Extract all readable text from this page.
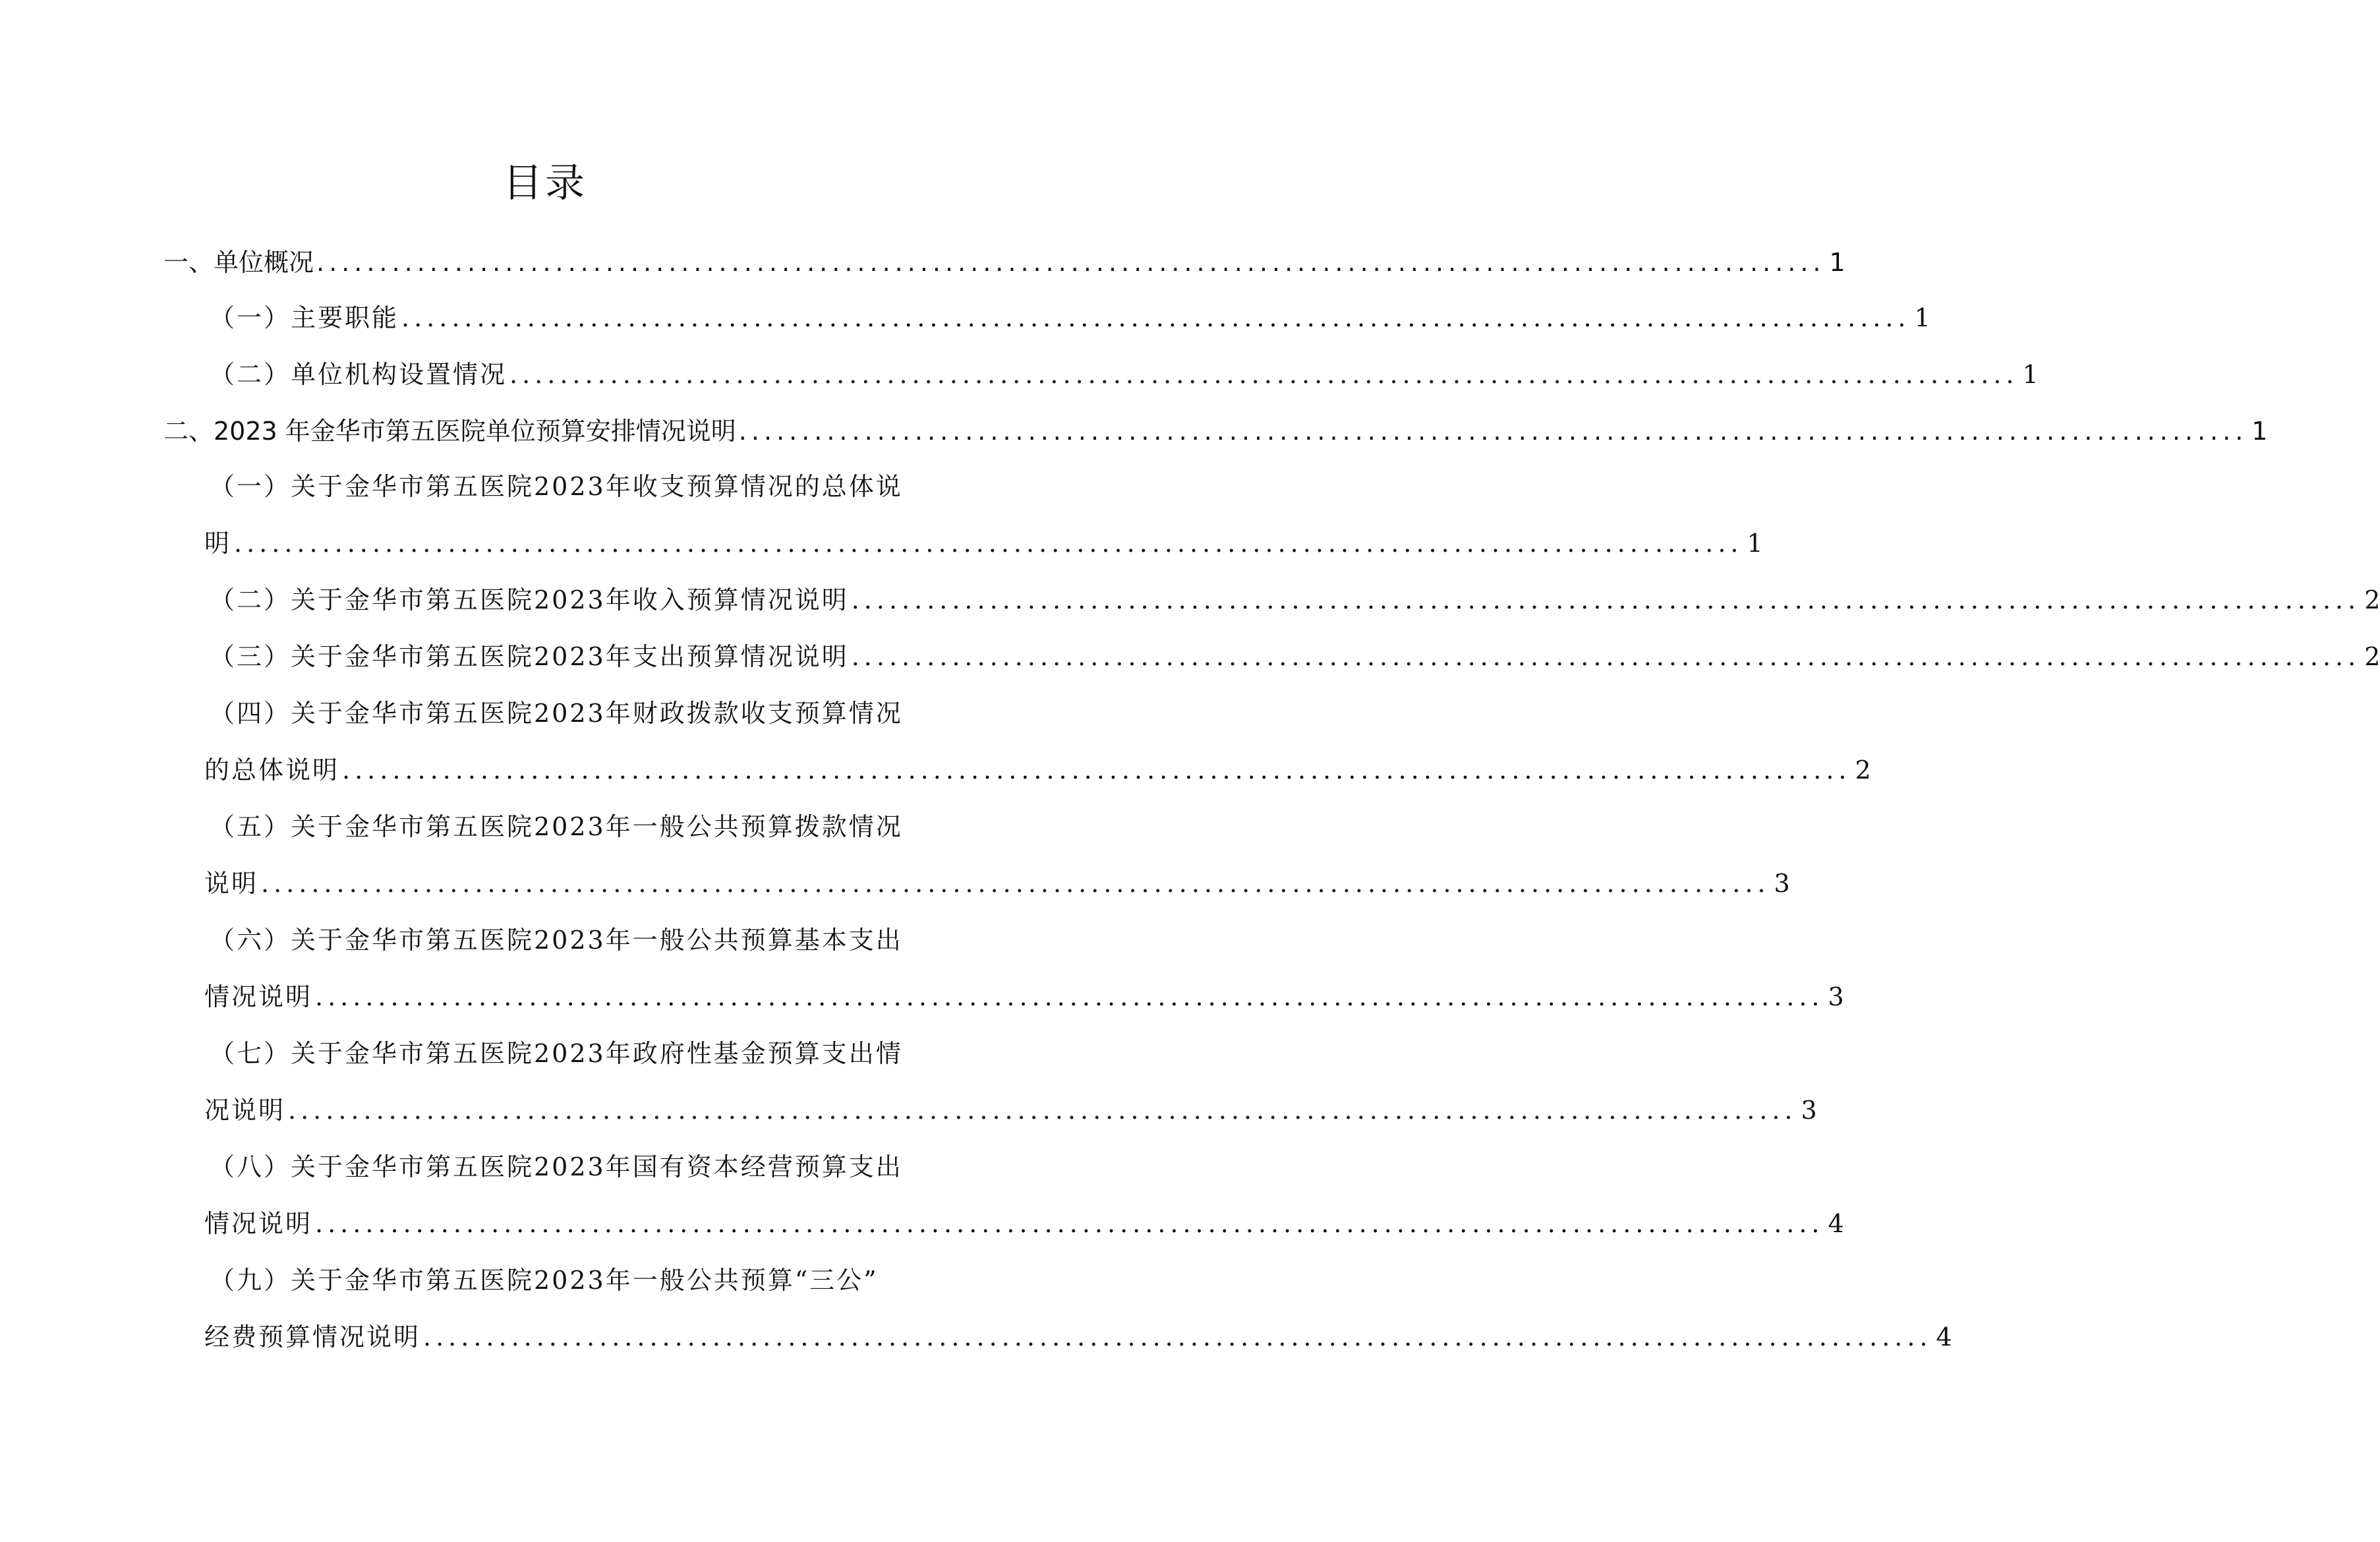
目录
一、单位概况 ........................................................................................................................ 1
（一）主要职能 ........................................................................................................................ 1
（二）单位机构设置情况 ........................................................................................................................ 1
二、2023 年金华市第五医院单位预算安排情况说明 ........................................................................................................................ 1
（一）关于金华市第五医院2023年收支预算情况的总体说
明 ........................................................................................................................ 1
（二）关于金华市第五医院2023年收入预算情况说明 ........................................................................................................................ 2
（三）关于金华市第五医院2023年支出预算情况说明 ........................................................................................................................ 2
（四）关于金华市第五医院2023年财政拨款收支预算情况
的总体说明 ........................................................................................................................ 2
（五）关于金华市第五医院2023年一般公共预算拨款情况
说明 ........................................................................................................................ 3
（六）关于金华市第五医院2023年一般公共预算基本支出
情况说明 ........................................................................................................................ 3
（七）关于金华市第五医院2023年政府性基金预算支出情
况说明 ........................................................................................................................ 3
（八）关于金华市第五医院2023年国有资本经营预算支出
情况说明 ........................................................................................................................ 4
（九）关于金华市第五医院2023年一般公共预算“三公”
经费预算情况说明 ........................................................................................................................ 4
